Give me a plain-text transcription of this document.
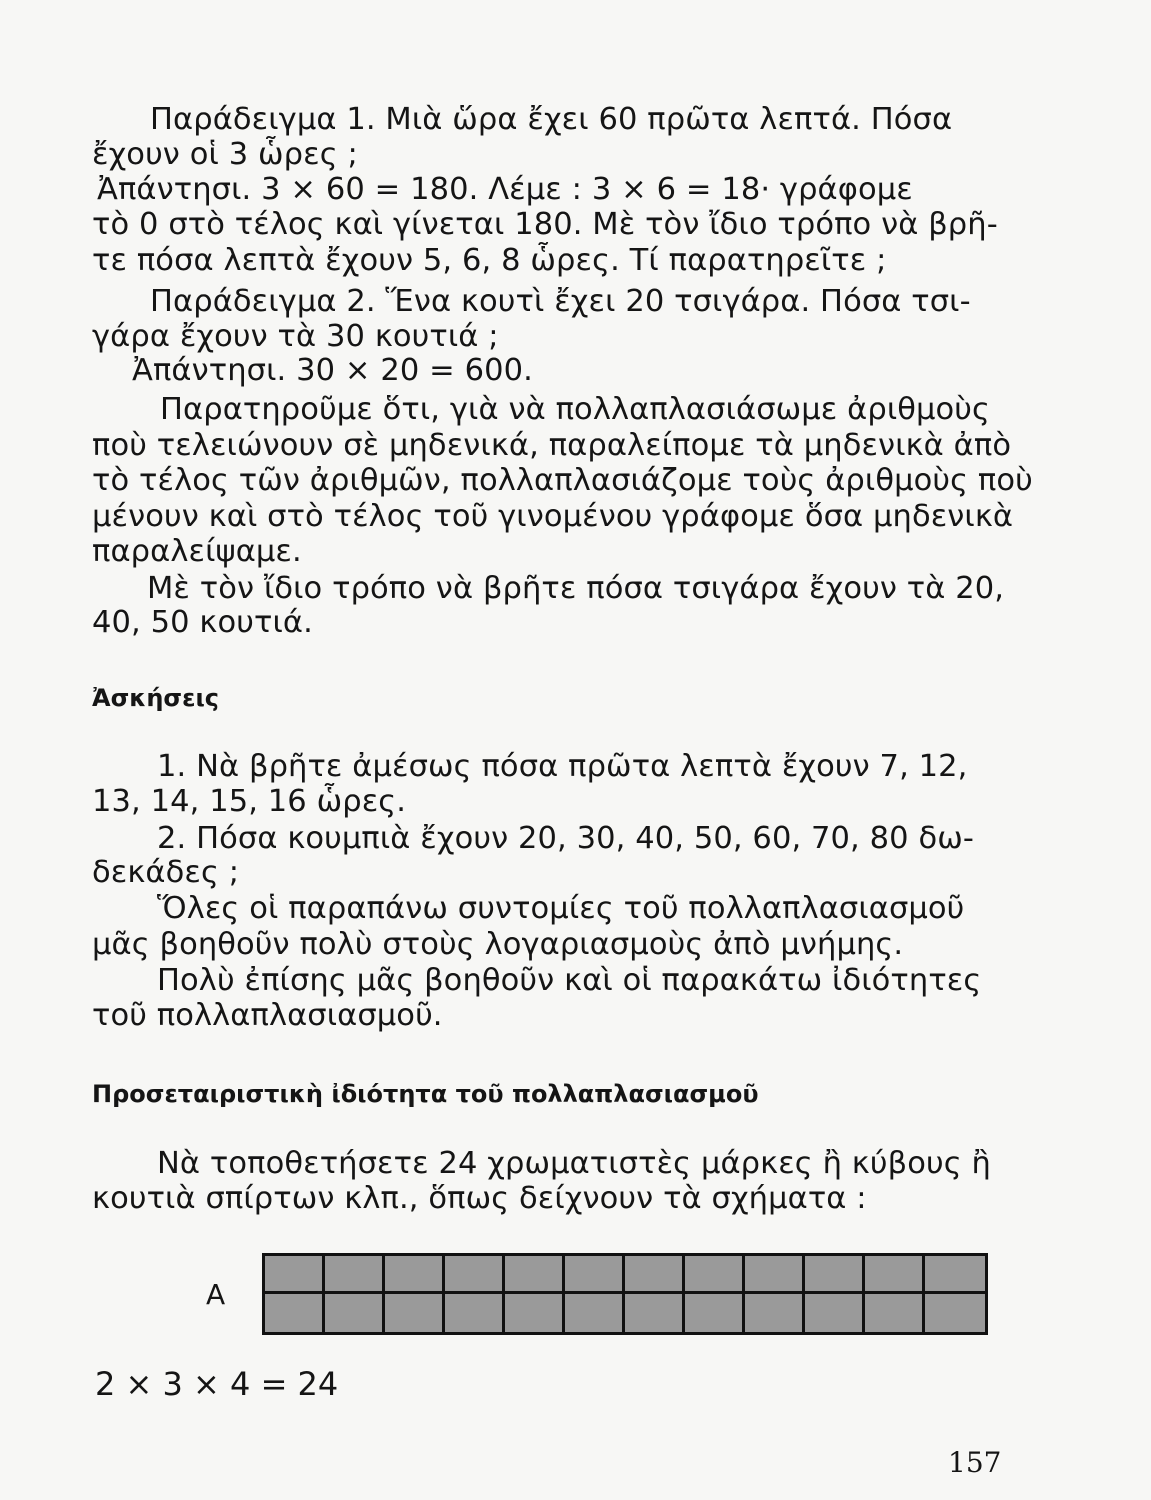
Παράδειγμα 1. Μιὰ ὥρα ἔχει 60 πρῶτα λεπτά. Πόσα
ἔχουν οἱ 3 ὧρες ;
Ἀπάντησι. 3 × 60 = 180. Λέμε : 3 × 6 = 18· γράφομε
τὸ 0 στὸ τέλος καὶ γίνεται 180. Μὲ τὸν ἴδιο τρόπο νὰ βρῆ-
τε πόσα λεπτὰ ἔχουν 5, 6, 8 ὧρες. Τί παρατηρεῖτε ;
Παράδειγμα 2. Ἕνα κουτὶ ἔχει 20 τσιγάρα. Πόσα τσι-
γάρα ἔχουν τὰ 30 κουτιά ;
Ἀπάντησι. 30 × 20 = 600.
Παρατηροῦμε ὅτι, γιὰ νὰ πολλαπλασιάσωμε ἀριθμοὺς
ποὺ τελειώνουν σὲ μηδενικά, παραλείπομε τὰ μηδενικὰ ἀπὸ
τὸ τέλος τῶν ἀριθμῶν, πολλαπλασιάζομε τοὺς ἀριθμοὺς ποὺ
μένουν καὶ στὸ τέλος τοῦ γινομένου γράφομε ὅσα μηδενικὰ
παραλείψαμε.
Μὲ τὸν ἴδιο τρόπο νὰ βρῆτε πόσα τσιγάρα ἔχουν τὰ 20,
40, 50 κουτιά.
Ἀσκήσεις
1. Νὰ βρῆτε ἀμέσως πόσα πρῶτα λεπτὰ ἔχουν 7, 12,
13, 14, 15, 16 ὧρες.
2. Πόσα κουμπιὰ ἔχουν 20, 30, 40, 50, 60, 70, 80 δω-
δεκάδες ;
Ὅλες οἱ παραπάνω συντομίες τοῦ πολλαπλασιασμοῦ
μᾶς βοηθοῦν πολὺ στοὺς λογαριασμοὺς ἀπὸ μνήμης.
Πολὺ ἐπίσης μᾶς βοηθοῦν καὶ οἱ παρακάτω ἰδιότητες
τοῦ πολλαπλασιασμοῦ.
Προσεταιριστικὴ ἰδιότητα τοῦ πολλαπλασιασμοῦ
Νὰ τοποθετήσετε 24 χρωματιστὲς μάρκες ἢ κύβους ἢ
κουτιὰ σπίρτων κλπ., ὅπως δείχνουν τὰ σχήματα :
A
2 × 3 × 4 = 24
157
